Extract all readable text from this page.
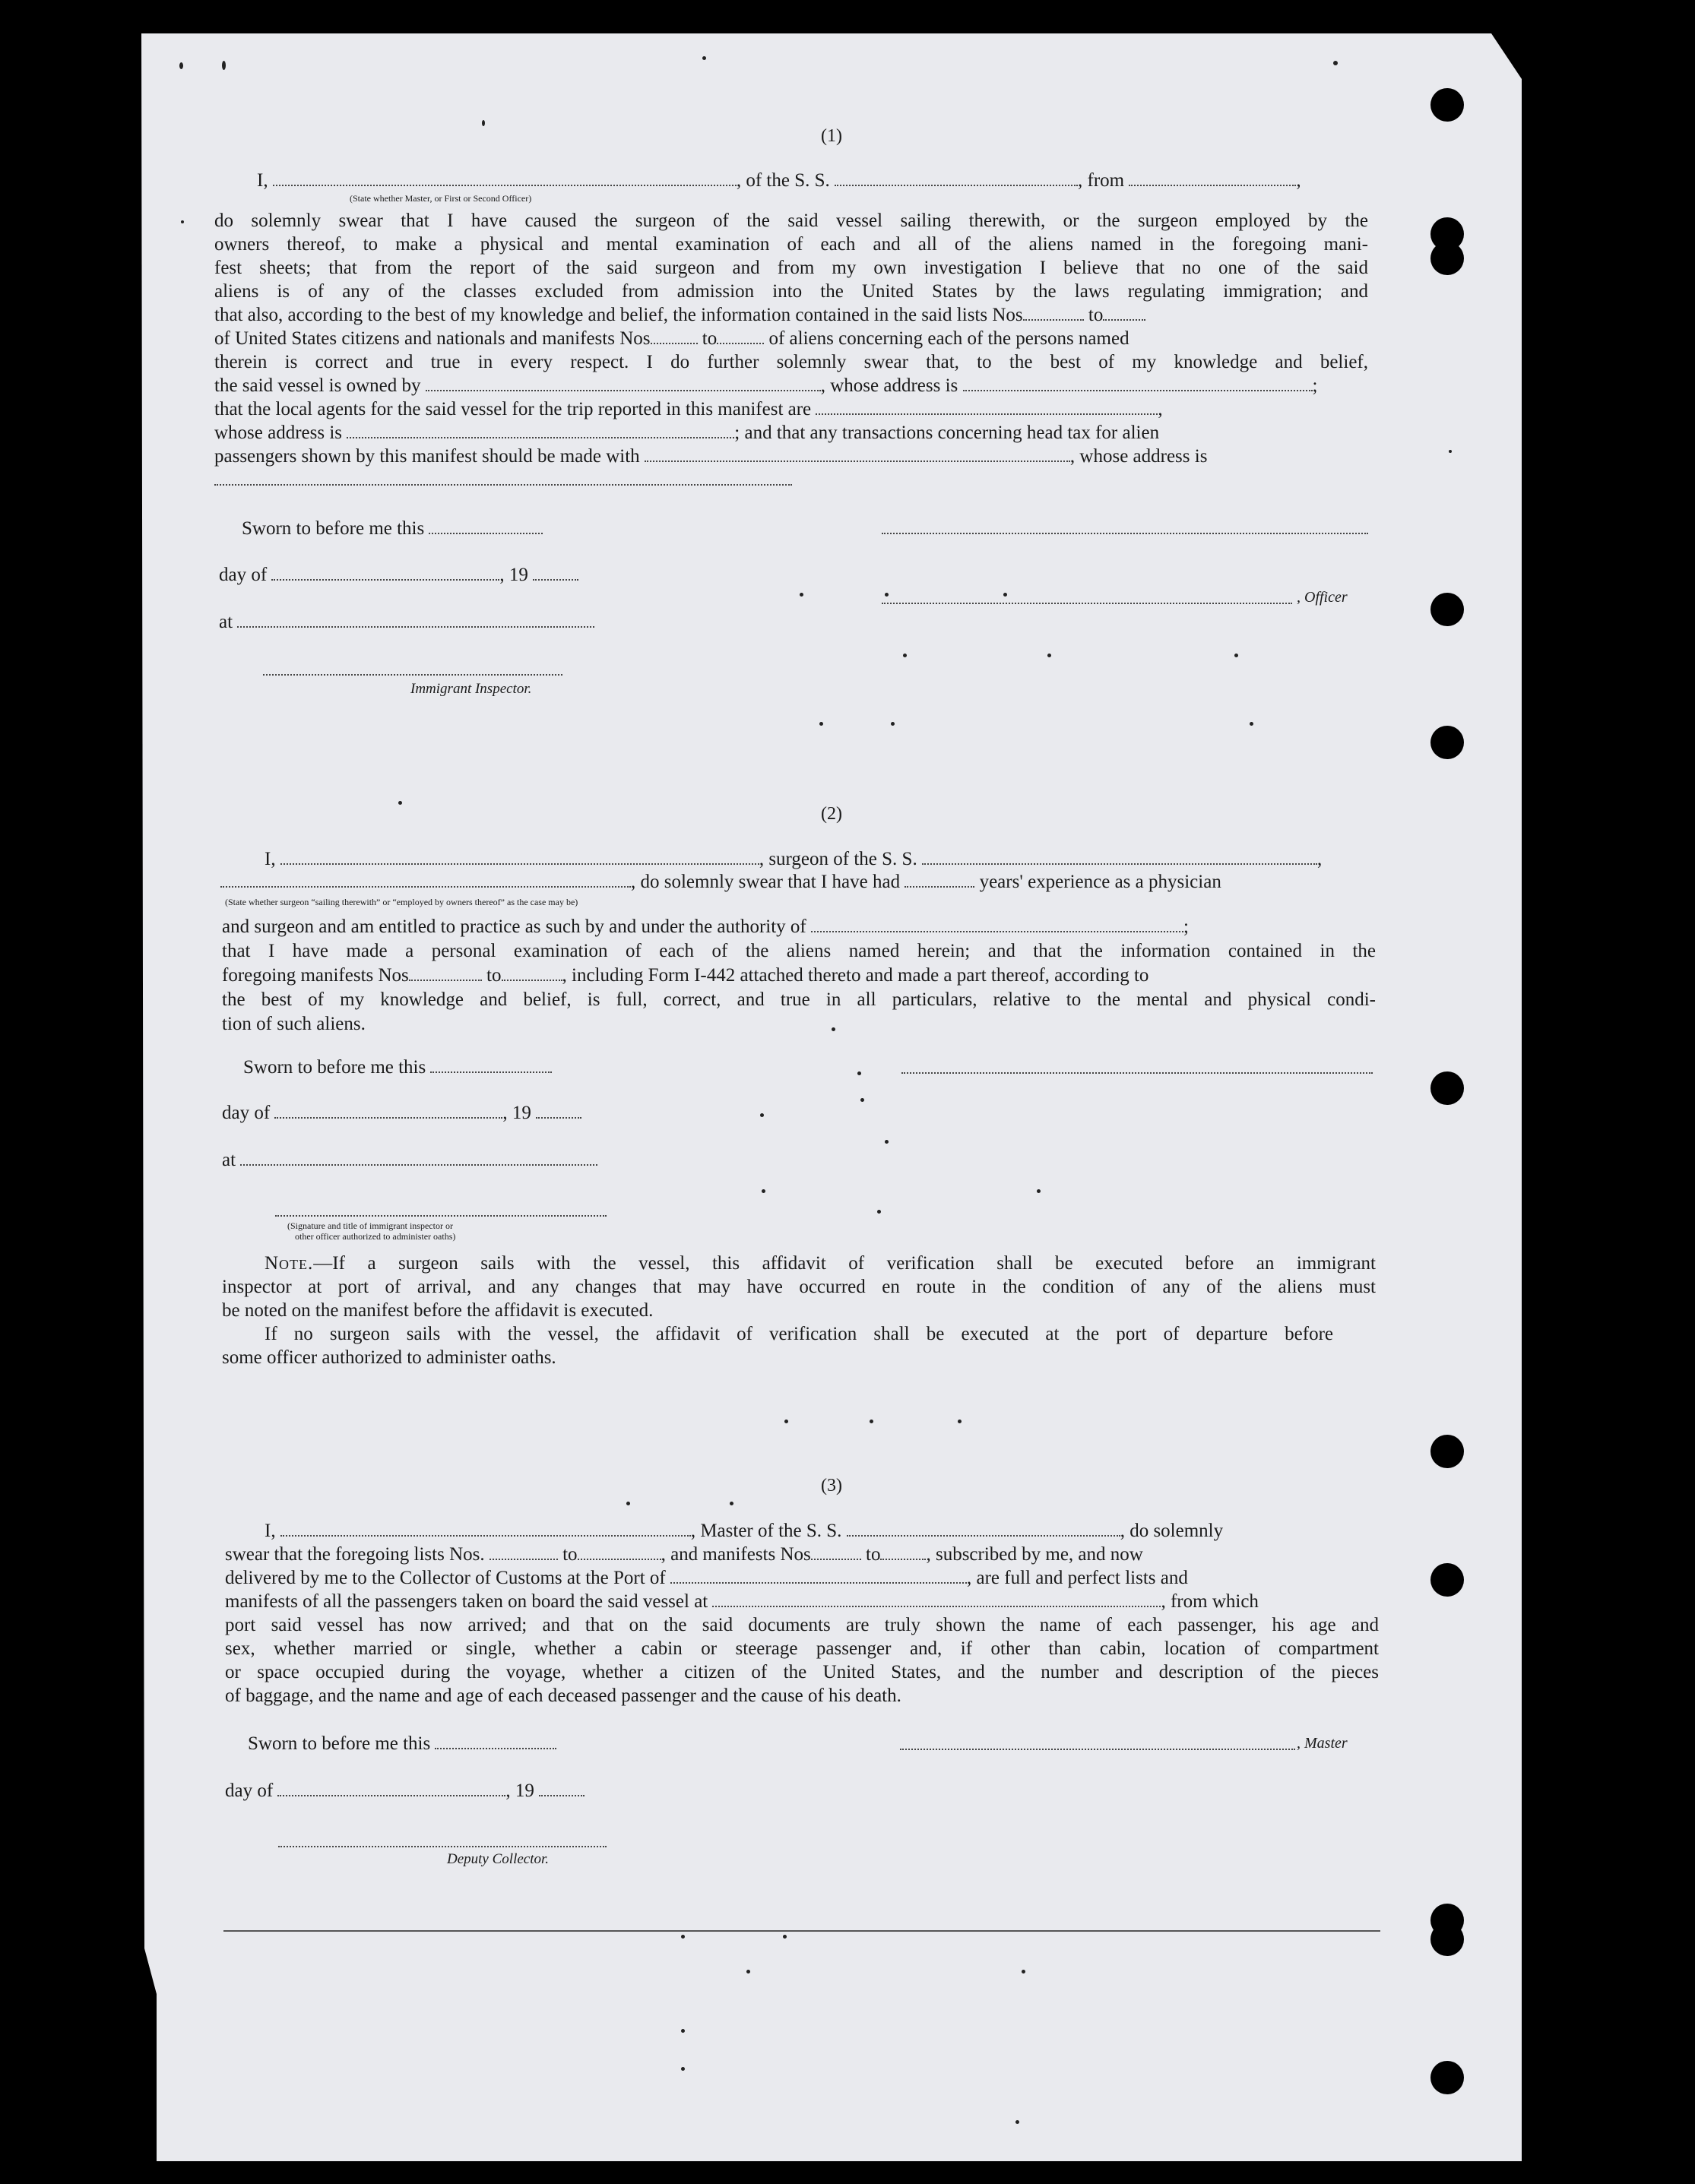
(1)
I,	, of the S. S.	, from	,
(State whether Master, or First or Second Officer)
do solemnly swear that I have caused the surgeon of the said vessel sailing therewith, or the surgeon employed by the
owners thereof, to make a physical and mental examination of each and all of the aliens named in the foregoing mani-
fest sheets; that from the report of the said surgeon and from my own investigation I believe that no one of the said
aliens is of any of the classes excluded from admission into the United States by the laws regulating immigration; and
that also, according to the best of my knowledge and belief, the information contained in the said lists Nos	to
of United States citizens and nationals and manifests Nos	to	of aliens concerning each of the persons named
therein is correct and true in every respect. I do further solemnly swear that, to the best of my knowledge and belief,
the said vessel is owned by	, whose address is	;
that the local agents for the said vessel for the trip reported in this manifest are	,
whose address is	; and that any transactions concerning head tax for alien
passengers shown by this manifest should be made with	, whose address is
Sworn to before me this
day of	, 19
, Officer
at
Immigrant Inspector.
(2)
I,	, surgeon of the S. S.	,
, do solemnly swear that I have had	years' experience as a physician
(State whether surgeon “sailing therewith” or “employed by owners thereof” as the case may be)
and surgeon and am entitled to practice as such by and under the authority of	;
that I have made a personal examination of each of the aliens named herein; and that the information contained in the
foregoing manifests Nos	to	, including Form I-442 attached thereto and made a part thereof, according to
the best of my knowledge and belief, is full, correct, and true in all particulars, relative to the mental and physical condi-
tion of such aliens.
Sworn to before me this
day of	, 19
at
(Signature and title of immigrant inspector or
other officer authorized to administer oaths)
Note.—If a surgeon sails with the vessel, this affidavit of verification shall be executed before an immigrant
inspector at port of arrival, and any changes that may have occurred en route in the condition of any of the aliens must
be noted on the manifest before the affidavit is executed.
If no surgeon sails with the vessel, the affidavit of verification shall be executed at the port of departure before
some officer authorized to administer oaths.
(3)
I,	, Master of the S. S.	, do solemnly
swear that the foregoing lists Nos.	to	, and manifests Nos	to , subscribed by me, and now
delivered by me to the Collector of Customs at the Port of	, are full and perfect lists and
manifests of all the passengers taken on board the said vessel at	, from which
port said vessel has now arrived; and that on the said documents are truly shown the name of each passenger, his age and
sex, whether married or single, whether a cabin or steerage passenger and, if other than cabin, location of compartment
or space occupied during the voyage, whether a citizen of the United States, and the number and description of the pieces
of baggage, and the name and age of each deceased passenger and the cause of his death.
Sworn to before me this	, Master
day of	, 19
Deputy Collector.
